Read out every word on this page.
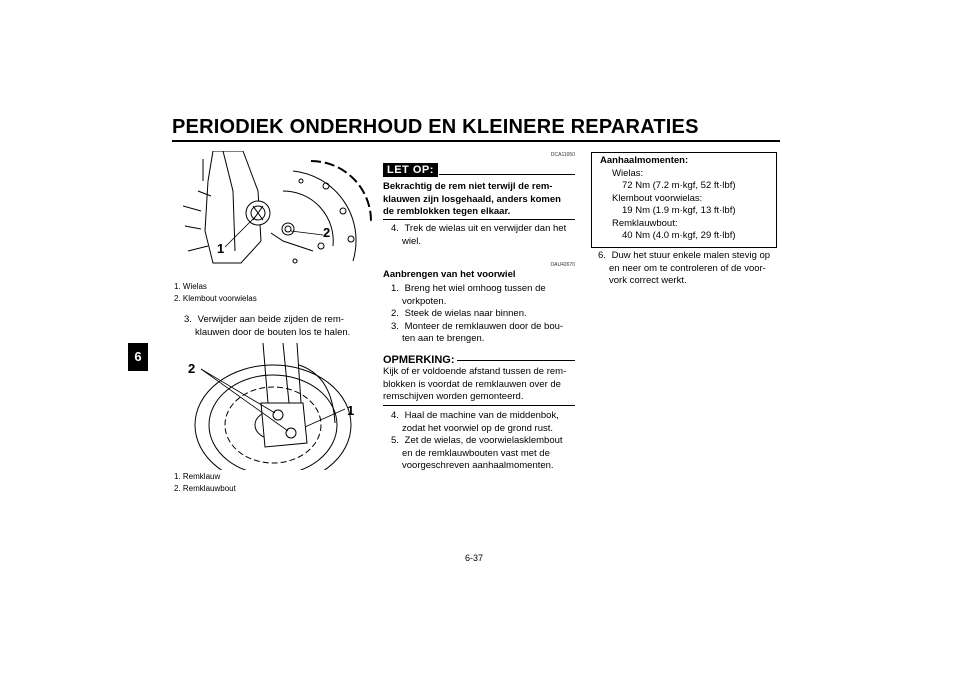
PERIODIEK ONDERHOUD EN KLEINERE REPARATIES
6
1
2
1. Wielas
2. Klembout voorwielas
3. Verwijder aan beide zijden de rem-
klauwen door de bouten los te halen.
2
1
1. Remklauw
2. Remklauwbout
DCA11050
LET OP:
Bekrachtig de rem niet terwijl de rem-
klauwen zijn losgehaald, anders komen
de remblokken tegen elkaar.
4. Trek de wielas uit en verwijder dan het
wiel.
DAU42670
Aanbrengen van het voorwiel
1. Breng het wiel omhoog tussen de
vorkpoten.
2. Steek de wielas naar binnen.
3. Monteer de remklauwen door de bou-
ten aan te brengen.
OPMERKING:
Kijk of er voldoende afstand tussen de rem-
blokken is voordat de remklauwen over de
remschijven worden gemonteerd.
4. Haal de machine van de middenbok,
zodat het voorwiel op de grond rust.
5. Zet de wielas, de voorwielasklembout
en de remklauwbouten vast met de
voorgeschreven aanhaalmomenten.
Aanhaalmomenten:
Wielas:
72 Nm (7.2 m·kgf, 52 ft·lbf)
Klembout voorwielas:
19 Nm (1.9 m·kgf, 13 ft·lbf)
Remklauwbout:
40 Nm (4.0 m·kgf, 29 ft·lbf)
6. Duw het stuur enkele malen stevig op
en neer om te controleren of de voor-
vork correct werkt.
6-37
